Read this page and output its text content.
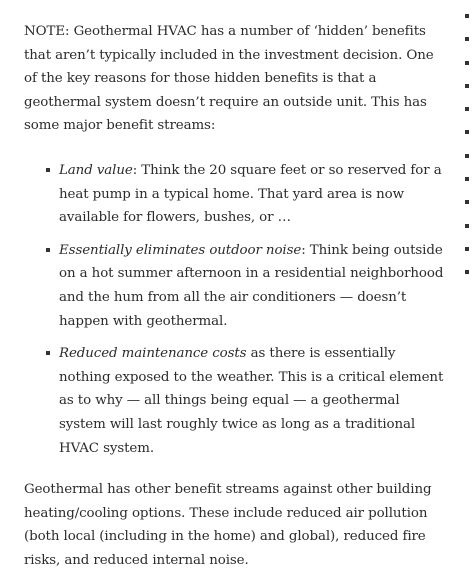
NOTE: Geothermal HVAC has a number of ‘hidden’ benefits that aren’t typically included in the investment decision. One of the key reasons for those hidden benefits is that a geothermal system doesn’t require an outside unit. This has some major benefit streams:

Land value: Think the 20 square feet or so reserved for a heat pump in a typical home. That yard area is now available for flowers, bushes, or …
Essentially eliminates outdoor noise: Think being outside on a hot summer afternoon in a residential neighborhood and the hum from all the air conditioners — doesn’t happen with geothermal.
Reduced maintenance costs as there is essentially nothing exposed to the weather. This is a critical element as to why — all things being equal — a geothermal system will last roughly twice as long as a traditional HVAC system.

Geothermal has other benefit streams against other building heating/cooling options. These include reduced air pollution (both local (including in the home) and global), reduced fire risks, and reduced internal noise.
